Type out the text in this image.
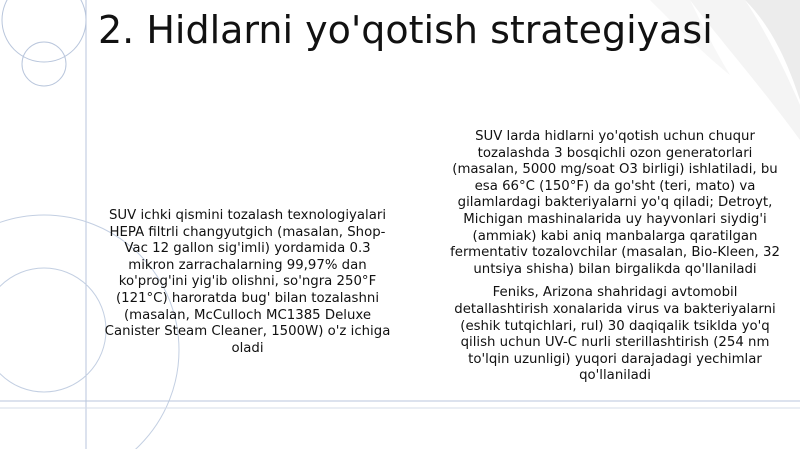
2. Hidlarni yo'qotish strategiyasi

SUV ichki qismini tozalash texnologiyalari HEPA filtrli changyutgich (masalan, Shop-Vac 12 gallon sig'imli) yordamida 0.3 mikron zarrachalarning 99,97% dan ko'prog'ini yig'ib olishni, so'ngra 250°F (121°C) haroratda bug' bilan tozalashni (masalan, McCulloch MC1385 Deluxe Canister Steam Cleaner, 1500W) o'z ichiga oladi

SUV larda hidlarni yo'qotish uchun chuqur tozalashda 3 bosqichli ozon generatorlari (masalan, 5000 mg/soat O3 birligi) ishlatiladi, bu esa 66°C (150°F) da go'sht (teri, mato) va gilamlardagi bakteriyalarni yo'q qiladi; Detroyt, Michigan mashinalarida uy hayvonlari siydig'i (ammiak) kabi aniq manbalarga qaratilgan fermentativ tozalovchilar (masalan, Bio-Kleen, 32 untsiya shisha) bilan birgalikda qo'llaniladi

Feniks, Arizona shahridagi avtomobil detallashtirish xonalarida virus va bakteriyalarni (eshik tutqichlari, rul) 30 daqiqalik tsiklda yo'q qilish uchun UV-C nurli sterillashtirish (254 nm to'lqin uzunligi) yuqori darajadagi yechimlar qo'llaniladi
